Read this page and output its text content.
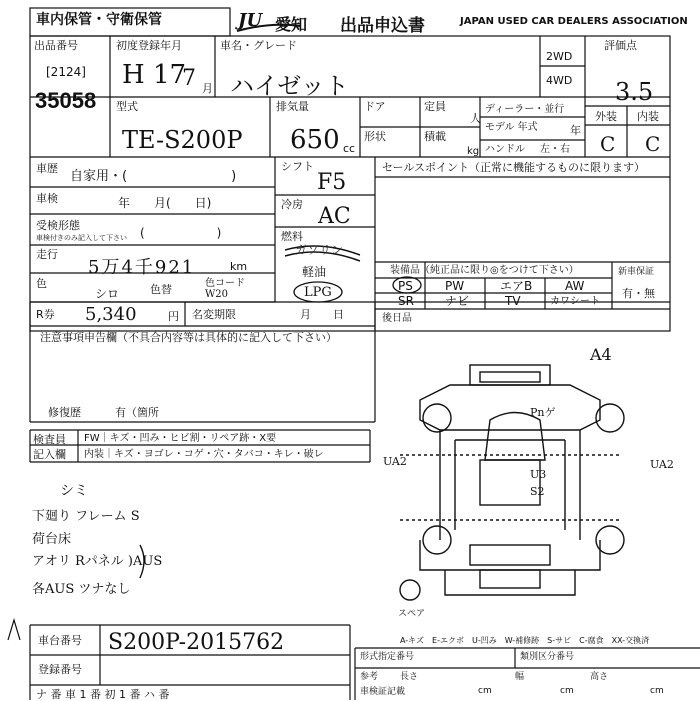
車内保管・守衛保管	JU 愛知 出品申込書	JAPAN USED CAR DEALERS ASSOCIATION
出品番号
[2124]
35058
初度登録年月
H 17
7 月
車名・グレード
ハイゼット
2WD
4WD
評価点
3.5
外装 内装
C C
型式
TE-S200P
排気量
650 cc
ドア	定員
人
形状	積載
kg
ディーラー・並行
モデル 年式	年
ハンドル 左・右
車歴
自家用・(　　　　　　　　)
車検	年　　月(　　日)
受検形態
車検付きのみ記入して下さい (　　　　　　)
走行
5万4千921	km
色
シロ	色替	色コード
W20
シフト
F5
冷房 AC
燃料
ガソリン
軽油
LPG
セールスポイント（正常に機能するものに限ります）
装備品（純正品に限り◎をつけて下さい）
PS	PW	エアB	AW
SR	ナビ	TV	カワシート
新車保証
有・無
R券 5,340	円 名変期限	月　　日	後日品
注意事項申告欄（不具合内容等は具体的に記入して下さい）
修復歴	有（箇所
検査員
記入欄
FW｜キズ・凹み・ヒビ割・リペア跡・X要
内装｜キズ・ヨゴレ・コゲ・穴・タバコ・キレ・破レ
シミ
下廻り フレーム S
荷台床
アオリ Rパネル )AUS
各AUS ツナなし
A4
UA2	UA2
Pnゲ
U3
S2
スペア
A-キズ　E-エクボ　U-凹み　W-補修跡　S-サビ　C-腐食　XX-交換済
車台番号 S200P-2015762
登録番号
形式指定番号	類別区分番号
参考 長さ	幅	高さ
cm	cm	cm
車検証記載
ナ 番 車 1 番 初 1 番 ハ 番
